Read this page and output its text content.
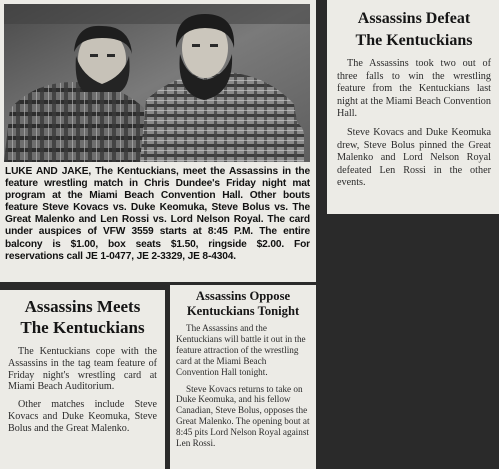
LUKE AND JAKE, The Kentuckians, meet the Assassins in the feature wrestling match in Chris Dundee's Friday night mat program at the Miami Beach Convention Hall. Other bouts feature Steve Kovacs vs. Duke Keomuka, Steve Bolus vs. The Great Malenko and Len Rossi vs. Lord Nelson Royal. The card under auspices of VFW 3559 starts at 8:45 P.M. The entire balcony is $1.00, box seats $1.50, ringside $2.00. For reservations call JE 1-0477, JE 2-3329, JE 8-4304.

Assassins Defeat
The Kentuckians

The Assassins took two out of three falls to win the wrestling feature from the Kentuckians last night at the Miami Beach Convention Hall.

Steve Kovacs and Duke Keomuka drew, Steve Bolus pinned the Great Malenko and Lord Nelson Royal defeated Len Rossi in the other events.

Assassins Meets
The Kentuckians

The Kentuckians cope with the Assassins in the tag team feature of Friday night's wrestling card at Miami Beach Auditorium.

Other matches include Steve Kovacs and Duke Keomuka, Steve Bolus and the Great Malenko.

Assassins Oppose
Kentuckians Tonight

The Assassins and the Kentuckians will battle it out in the feature attraction of the wrestling card at the Miami Beach Convention Hall tonight.

Steve Kovacs returns to take on Duke Keomuka, and his fellow Canadian, Steve Bolus, opposes the Great Malenko. The opening bout at 8:45 pits Lord Nelson Royal against Len Rossi.
